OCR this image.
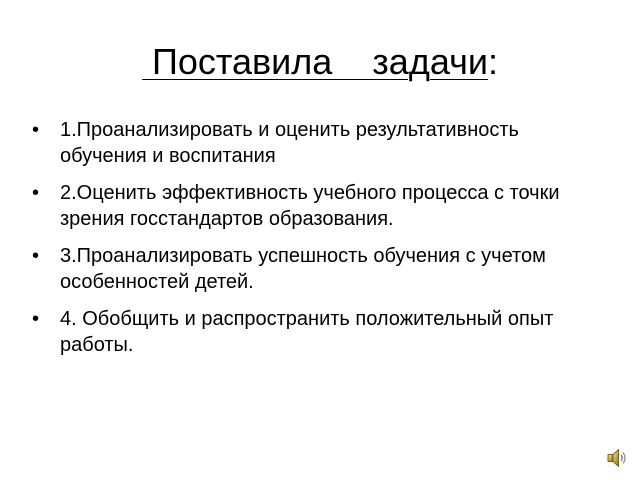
Поставила    задачи:
•	1.Проанализировать и оценить результативность обучения и воспитания
•	2.Оценить эффективность учебного процесса с точки зрения госстандартов образования.
•	3.Проанализировать успешность обучения с учетом особенностей детей.
•	4. Обобщить и распространить положительный опыт работы.
